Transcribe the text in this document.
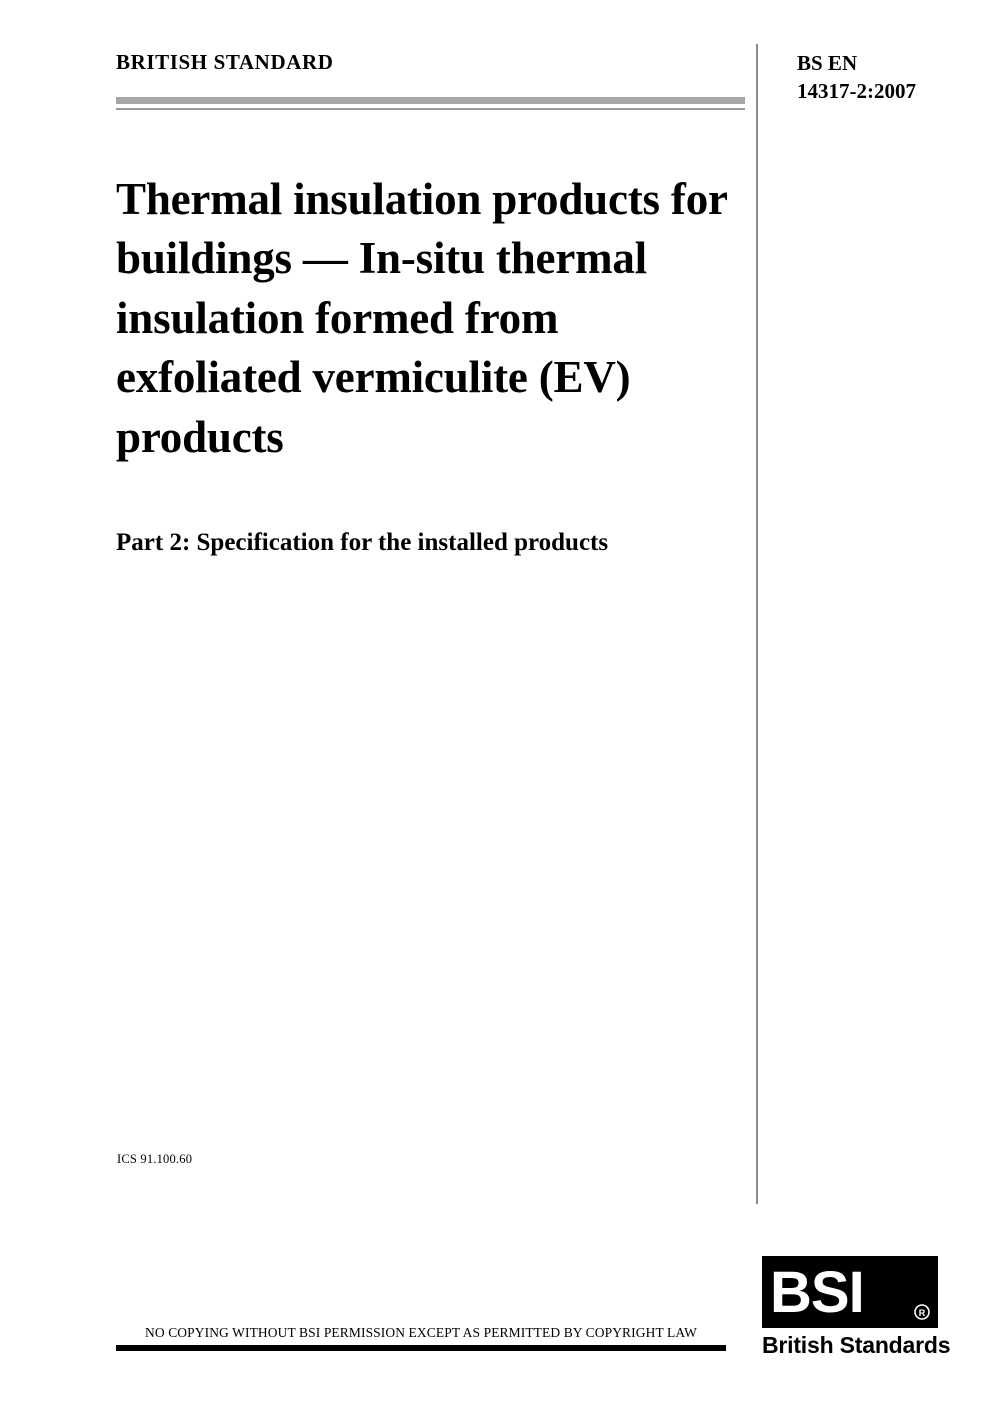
BRITISH STANDARD	BS EN
14317-2:2007
Thermal insulation products for buildings — In-situ thermal insulation formed from exfoliated vermiculite (EV) products
Part 2: Specification for the installed products
ICS 91.100.60
NO COPYING WITHOUT BSI PERMISSION EXCEPT AS PERMITTED BY COPYRIGHT LAW
BSI	R
British Standards
